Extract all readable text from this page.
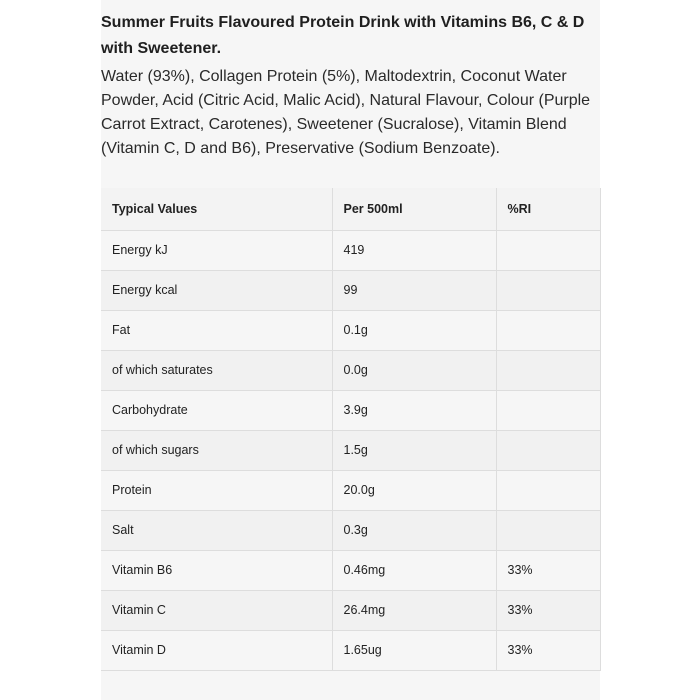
Summer Fruits Flavoured Protein Drink with Vitamins B6, C & D with Sweetener.

Water (93%), Collagen Protein (5%), Maltodextrin, Coconut Water Powder, Acid (Citric Acid, Malic Acid), Natural Flavour, Colour (Purple Carrot Extract, Carotenes), Sweetener (Sucralose), Vitamin Blend (Vitamin C, D and B6), Preservative (Sodium Benzoate).

Typical Values	Per 500ml	%RI
Energy kJ	419	
Energy kcal	99	
Fat	0.1g	
of which saturates	0.0g	
Carbohydrate	3.9g	
of which sugars	1.5g	
Protein	20.0g	
Salt	0.3g	
Vitamin B6	0.46mg	33%
Vitamin C	26.4mg	33%
Vitamin D	1.65ug	33%
